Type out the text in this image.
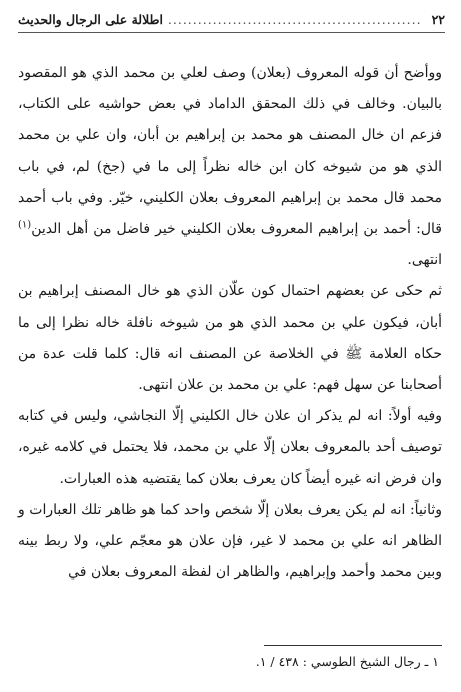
٢٢
.....
اطلالة على الرجال والحديث

ووأضح أن قوله المعروف (بعلان) وصف لعلي بن محمد الذي هو المقصود بالبيان. وخالف في ذلك المحقق الداماد في بعض حواشيه على الكتاب، فزعم ان خال المصنف هو محمد بن إبراهيم بن أبان، وان علي بن محمد الذي هو من شيوخه كان ابن خاله نظراً إلى ما في (جخ) لم، في باب محمد قال محمد بن إبراهيم المعروف بعلان الكليني، خيّر. وفي باب أحمد قال: أحمد بن إبراهيم المعروف بعلان الكليني خير فاضل من أهل الدين$^{(١)}$ انتهى.

ثم حكى عن بعضهم احتمال كون علّان الذي هو خال المصنف إبراهيم بن أبان، فيكون علي بن محمد الذي هو من شيوخه نافلة خاله نظرا إلى ما حكاه العلامة ﷺ في الخلاصة عن المصنف انه قال: كلما قلت عدة من أصحابنا عن سهل فهم: علي بن محمد بن علان انتهى.

وفيه أولاً: انه لم يذكر ان علان خال الكليني إلّا النجاشي، وليس في كتابه توصيف أحد بالمعروف بعلان إلّا علي بن محمد، فلا يحتمل في كلامه غيره، وان فرض انه غيره أيضاً كان يعرف بعلان كما يقتضيه هذه العبارات.

وثانياً: انه لم يكن يعرف بعلان إلّا شخص واحد كما هو ظاهر تلك العبارات و الظاهر انه علي بن محمد لا غير، فإن علان هو معجّم علي، ولا ربط بينه وبين محمد وأحمد وإبراهيم، والظاهر ان لفظة المعروف بعلان في

١ ـ رجال الشيخ الطوسي : ٤٣٨ / ١.
